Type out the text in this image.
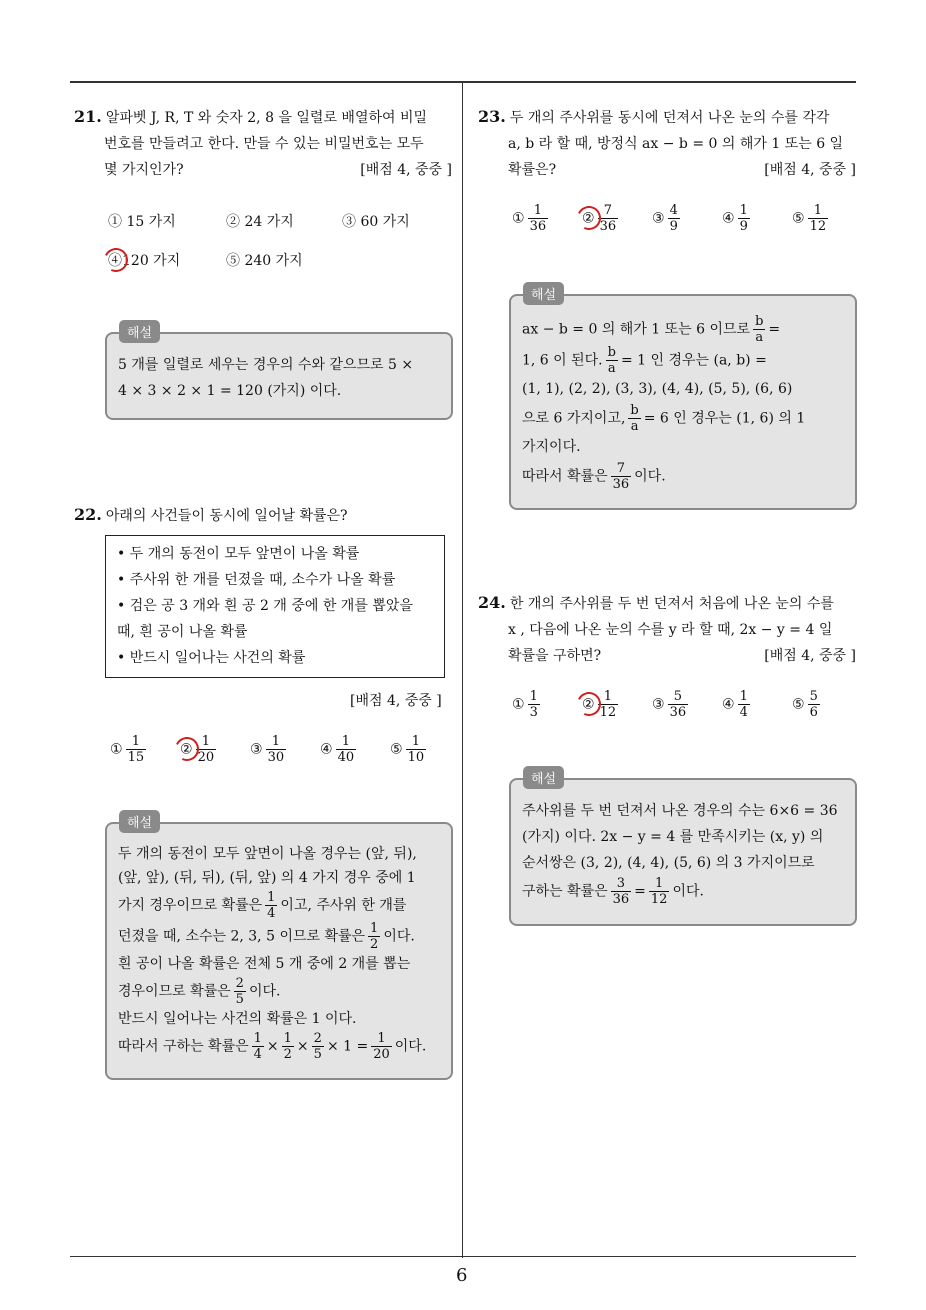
6

21. 알파벳 J, R, T 와 숫자 2, 8 을 일렬로 배열하여 비밀

번호를 만들려고 한다. 만들 수 있는 비밀번호는 모두

몇 가지인가?	[배점 4, 중중 ]

① 15 가지	② 24 가지	③ 60 가지
④120 가지	⑤ 240 가지
해설
5 개를 일렬로 세우는 경우의 수와 같으므로 5 ×
4 × 3 × 2 × 1 = 120 (가지) 이다.

22. 아래의 사건들이 동시에 일어날 확률은?

• 두 개의 동전이 모두 앞면이 나올 확률
• 주사위 한 개를 던졌을 때, 소수가 나올 확률
• 검은 공 3 개와 흰 공 2 개 중에 한 개를 뽑았을
때, 흰 공이 나올 확률
• 반드시 일어나는 사건의 확률
[배점 4, 중중 ]
① $\frac{1}{15}$ ② $\frac{1}{20}$ ③ $\frac{1}{30}$ ④ $\frac{1}{40}$ ⑤ $\frac{1}{10}$
해설
두 개의 동전이 모두 앞면이 나올 경우는 (앞, 뒤),
(앞, 앞), (뒤, 뒤), (뒤, 앞) 의 4 가지 경우 중에 1
가지 경우이므로 확률은 $\frac{1}{4}$ 이고, 주사위 한 개를
던졌을 때, 소수는 2, 3, 5 이므로 확률은 $\frac{1}{2}$ 이다.
흰 공이 나올 확률은 전체 5 개 중에 2 개를 뽑는
경우이므로 확률은 $\frac{2}{5}$ 이다.
반드시 일어나는 사건의 확률은 1 이다.
따라서 구하는 확률은 $\frac{1}{4} \times \frac{1}{2} \times \frac{2}{5} \times 1 = \frac{1}{20}$ 이다.

23. 두 개의 주사위를 동시에 던져서 나온 눈의 수를 각각

a, b 라 할 때, 방정식 ax − b = 0 의 해가 1 또는 6 일

확률은?	[배점 4, 중중 ]

① $\frac{1}{36}$ ② $\frac{7}{36}$ ③ $\frac{4}{9}$	④ $\frac{1}{9}$	⑤ $\frac{1}{12}$
해설
ax − b = 0 의 해가 1 또는 6 이므로 $\frac{b}{a}$ =
1, 6 이 된다. $\frac{b}{a} = 1$ 인 경우는 (a, b) =
(1, 1), (2, 2), (3, 3), (4, 4), (5, 5), (6, 6)
으로 6 가지이고, $\frac{b}{a} = 6$ 인 경우는 (1, 6) 의 1
가지이다.
따라서 확률은 $\frac{7}{36}$ 이다.

24. 한 개의 주사위를 두 번 던져서 처음에 나온 눈의 수를

x , 다음에 나온 눈의 수를 y 라 할 때, 2x − y = 4 일

확률을 구하면?	[배점 4, 중중 ]

① $\frac{1}{3}$	② $\frac{1}{12}$ ③ $\frac{5}{36}$ ④ $\frac{1}{4}$	⑤ $\frac{5}{6}$
해설
주사위를 두 번 던져서 나온 경우의 수는 6×6 = 36
(가지) 이다. 2x − y = 4 를 만족시키는 (x, y) 의
순서쌍은 (3, 2), (4, 4), (5, 6) 의 3 가지이므로
구하는 확률은 $\frac{3}{36} = \frac{1}{12}$ 이다.
